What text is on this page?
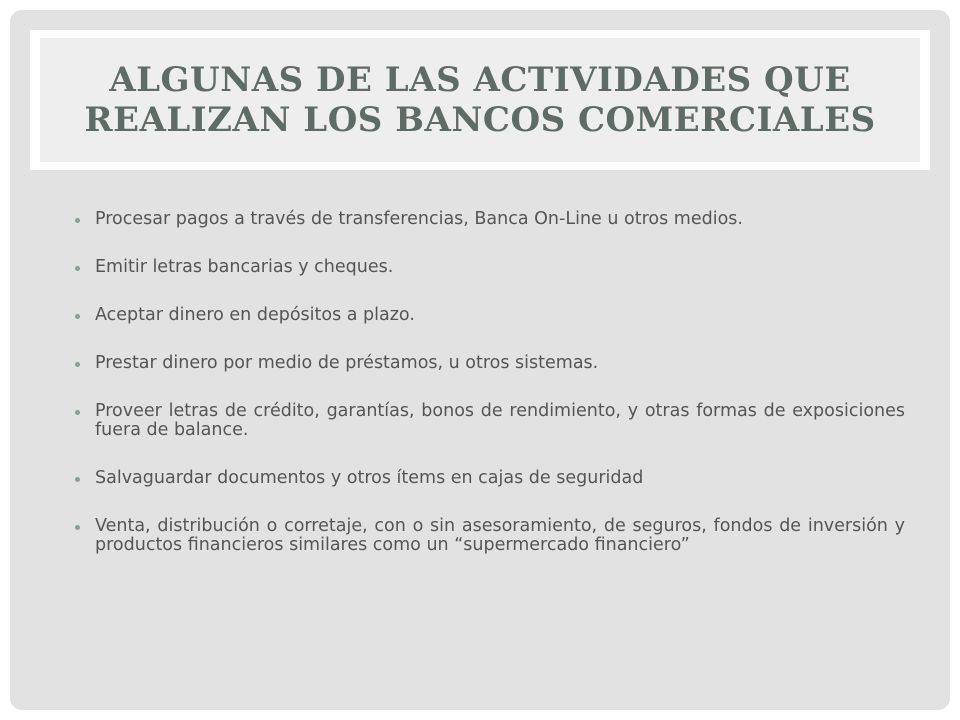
ALGUNAS DE LAS ACTIVIDADES QUE REALIZAN LOS BANCOS COMERCIALES
Procesar pagos a través de transferencias, Banca On-Line u otros medios.
Emitir letras bancarias y cheques.
Aceptar dinero en depósitos a plazo.
Prestar dinero por medio de préstamos, u otros sistemas.
Proveer letras de crédito, garantías, bonos de rendimiento, y otras formas de exposiciones fuera de balance.
Salvaguardar documentos y otros ítems en cajas de seguridad
Venta, distribución o corretaje, con o sin asesoramiento, de seguros, fondos de inversión y productos financieros similares como un “supermercado financiero”
